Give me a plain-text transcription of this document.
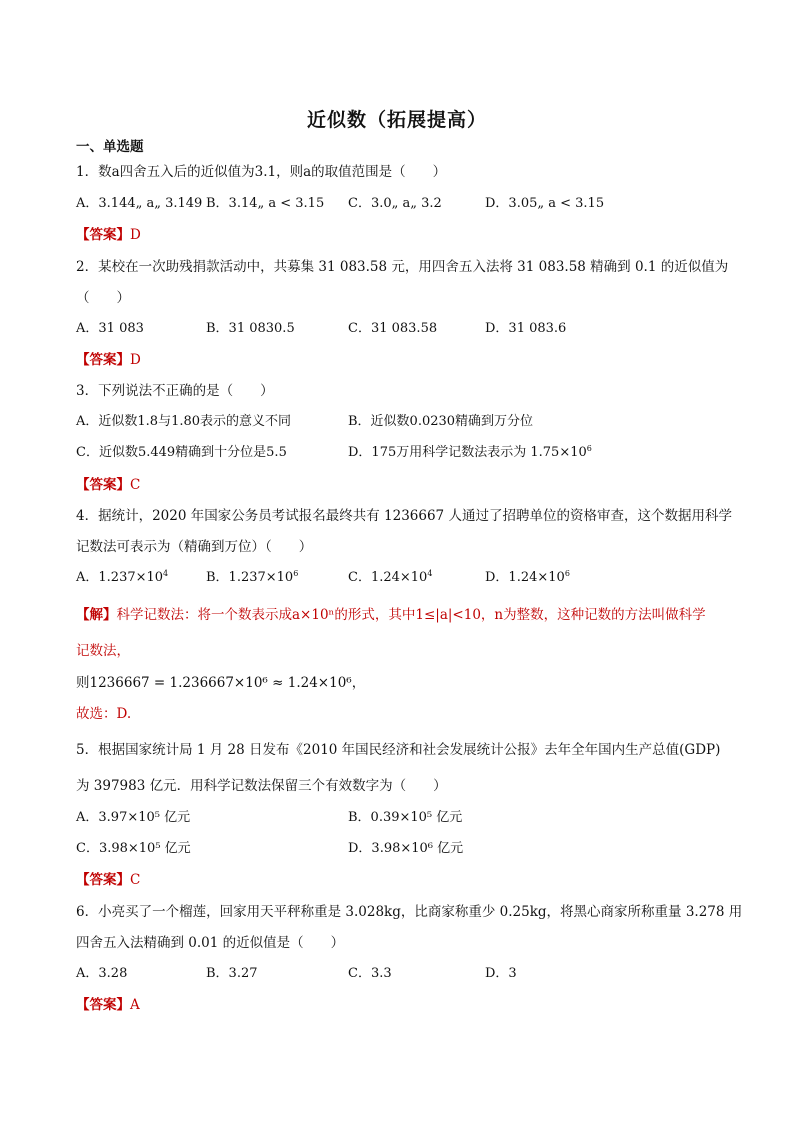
近似数（拓展提高）
一、单选题
1．数a四舍五入后的近似值为3.1，则a的取值范围是（　　）
A．3.144„ a„ 3.149 B．3.14„ a < 3.15 C．3.0„ a„ 3.2	D．3.05„ a < 3.15
【答案】D
2．某校在一次助残捐款活动中，共募集 31 083.58 元，用四舍五入法将 31 083.58 精确到 0.1 的近似值为
（　　）
A．31 083	B．31 0830.5	C．31 083.58	D．31 083.6
【答案】D
3．下列说法不正确的是（　　）
A．近似数1.8与1.80表示的意义不同	B．近似数0.0230精确到万分位
C．近似数5.449精确到十分位是5.5	D．175万用科学记数法表示为 $1.75\times 10^6$
【答案】C
4．据统计，2020 年国家公务员考试报名最终共有 1236667 人通过了招聘单位的资格审查，这个数据用科学
记数法可表示为（精确到万位）（　　）
A．$1.237\times 10^4$	B．$1.237\times 10^6$	C．$1.24\times 10^4$	D．$1.24\times 10^6$
【解】科学记数法：将一个数表示成a×10ⁿ的形式，其中1≤|a|<10，n为整数，这种记数的方法叫做科学
记数法，
则1236667 = 1.236667×10⁶ ≈ 1.24×10⁶，
故选：D.
5．根据国家统计局 1 月 28 日发布《2010 年国民经济和社会发展统计公报》去年全年国内生产总值(GDP)
为 397983 亿元．用科学记数法保留三个有效数字为（　　）
A．3.97×10⁵ 亿元	B．0.39×10⁵ 亿元
C．3.98×10⁵ 亿元	D．3.98×10⁶ 亿元
【答案】C
6．小亮买了一个榴莲，回家用天平秤称重是 3.028kg，比商家称重少 0.25kg，将黑心商家所称重量 3.278 用
四舍五入法精确到 0.01 的近似值是（　　）
A．3.28	B．3.27	C．3.3	D．3
【答案】A
